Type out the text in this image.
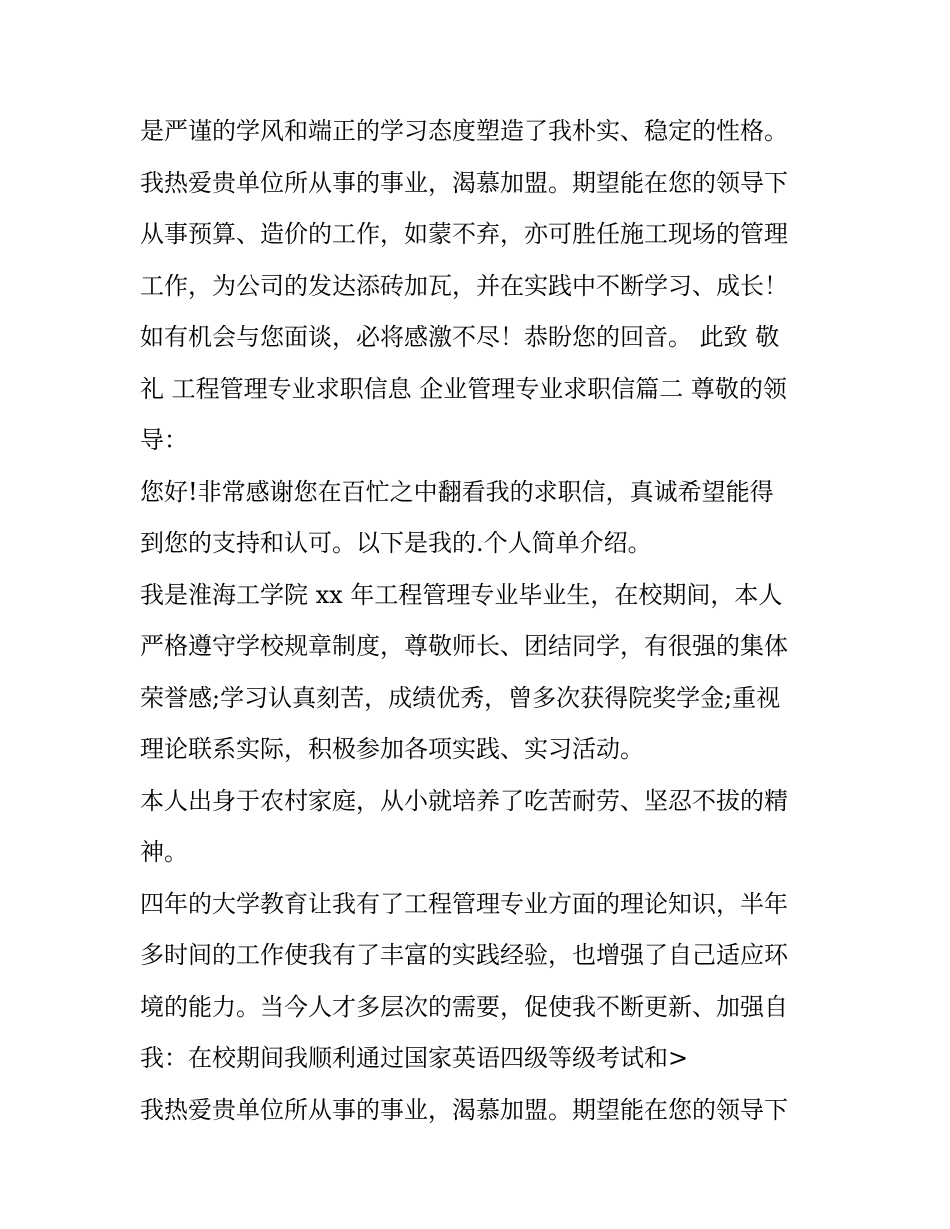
是严谨的学风和端正的学习态度塑造了我朴实、稳定的性格。
我热爱贵单位所从事的事业，渴慕加盟。期望能在您的领导下
从事预算、造价的工作，如蒙不弃，亦可胜任施工现场的管理
工作，为公司的发达添砖加瓦，并在实践中不断学习、成长！
如有机会与您面谈，必将感激不尽！恭盼您的回音。 此致 敬
礼 工程管理专业求职信息 企业管理专业求职信篇二 尊敬的领
导：
您好!非常感谢您在百忙之中翻看我的求职信，真诚希望能得
到您的支持和认可。以下是我的.个人简单介绍。
我是淮海工学院 xx 年工程管理专业毕业生，在校期间，本人
严格遵守学校规章制度，尊敬师长、团结同学，有很强的集体
荣誉感;学习认真刻苦，成绩优秀，曾多次获得院奖学金;重视
理论联系实际，积极参加各项实践、实习活动。
本人出身于农村家庭，从小就培养了吃苦耐劳、坚忍不拔的精
神。
四年的大学教育让我有了工程管理专业方面的理论知识，半年
多时间的工作使我有了丰富的实践经验，也增强了自己适应环
境的能力。当今人才多层次的需要，促使我不断更新、加强自
我：在校期间我顺利通过国家英语四级等级考试和>
我热爱贵单位所从事的事业，渴慕加盟。期望能在您的领导下
